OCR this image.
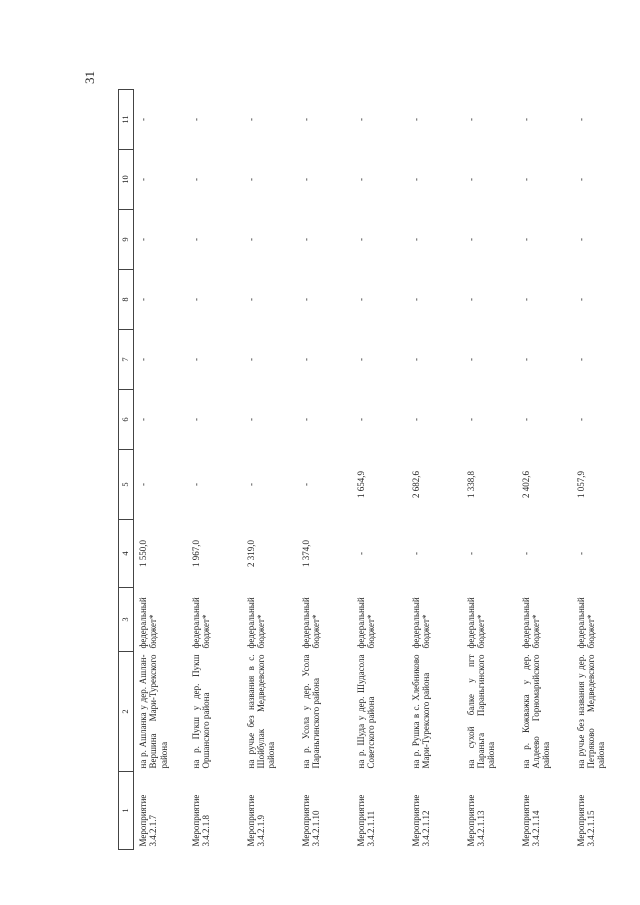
31
1	2	3	4	5	6	7	8	9	10	11
Мероприятие 3.4.2.1.7	на р. Ашланка у дер. Ашлан-Вершина Мари-Турекского района	федеральный бюджет*	1 550,0	-	-	-	-	-	-	-
Мероприятие 3.4.2.1.8	на р. Пукш у дер. Пукш Оршанского района	федеральный бюджет*	1 967,0	-	-	-	-	-	-	-
Мероприятие 3.4.2.1.9	на ручье без названия в с. Шойбулак Медведевского района	федеральный бюджет*	2 319,0	-	-	-	-	-	-	-
Мероприятие 3.4.2.1.10	на р. Усола у дер. Усола Параньгинского района	федеральный бюджет*	1 374,0	-	-	-	-	-	-	-
Мероприятие 3.4.2.1.11	на р. Шуда у дер. Шудасола Советского района	федеральный бюджет*	-	1 654,9	-	-	-	-	-	-
Мероприятие 3.4.2.1.12	на р. Рушка в с. Хлебниково Мари-Турекского района	федеральный бюджет*	-	2 682,6	-	-	-	-	-	-
Мероприятие 3.4.2.1.13	на сухой балке у пгт Параньга Параньгинского района	федеральный бюджет*	-	1 338,8	-	-	-	-	-	-
Мероприятие 3.4.2.1.14	на р. Кожважка у дер. Алдеево Горномарийского района	федеральный бюджет*	-	2 402,6	-	-	-	-	-	-
Мероприятие 3.4.2.1.15	на ручье без названия у дер. Петряково Медведевского района	федеральный бюджет*	-	1 057,9	-	-	-	-	-	-
